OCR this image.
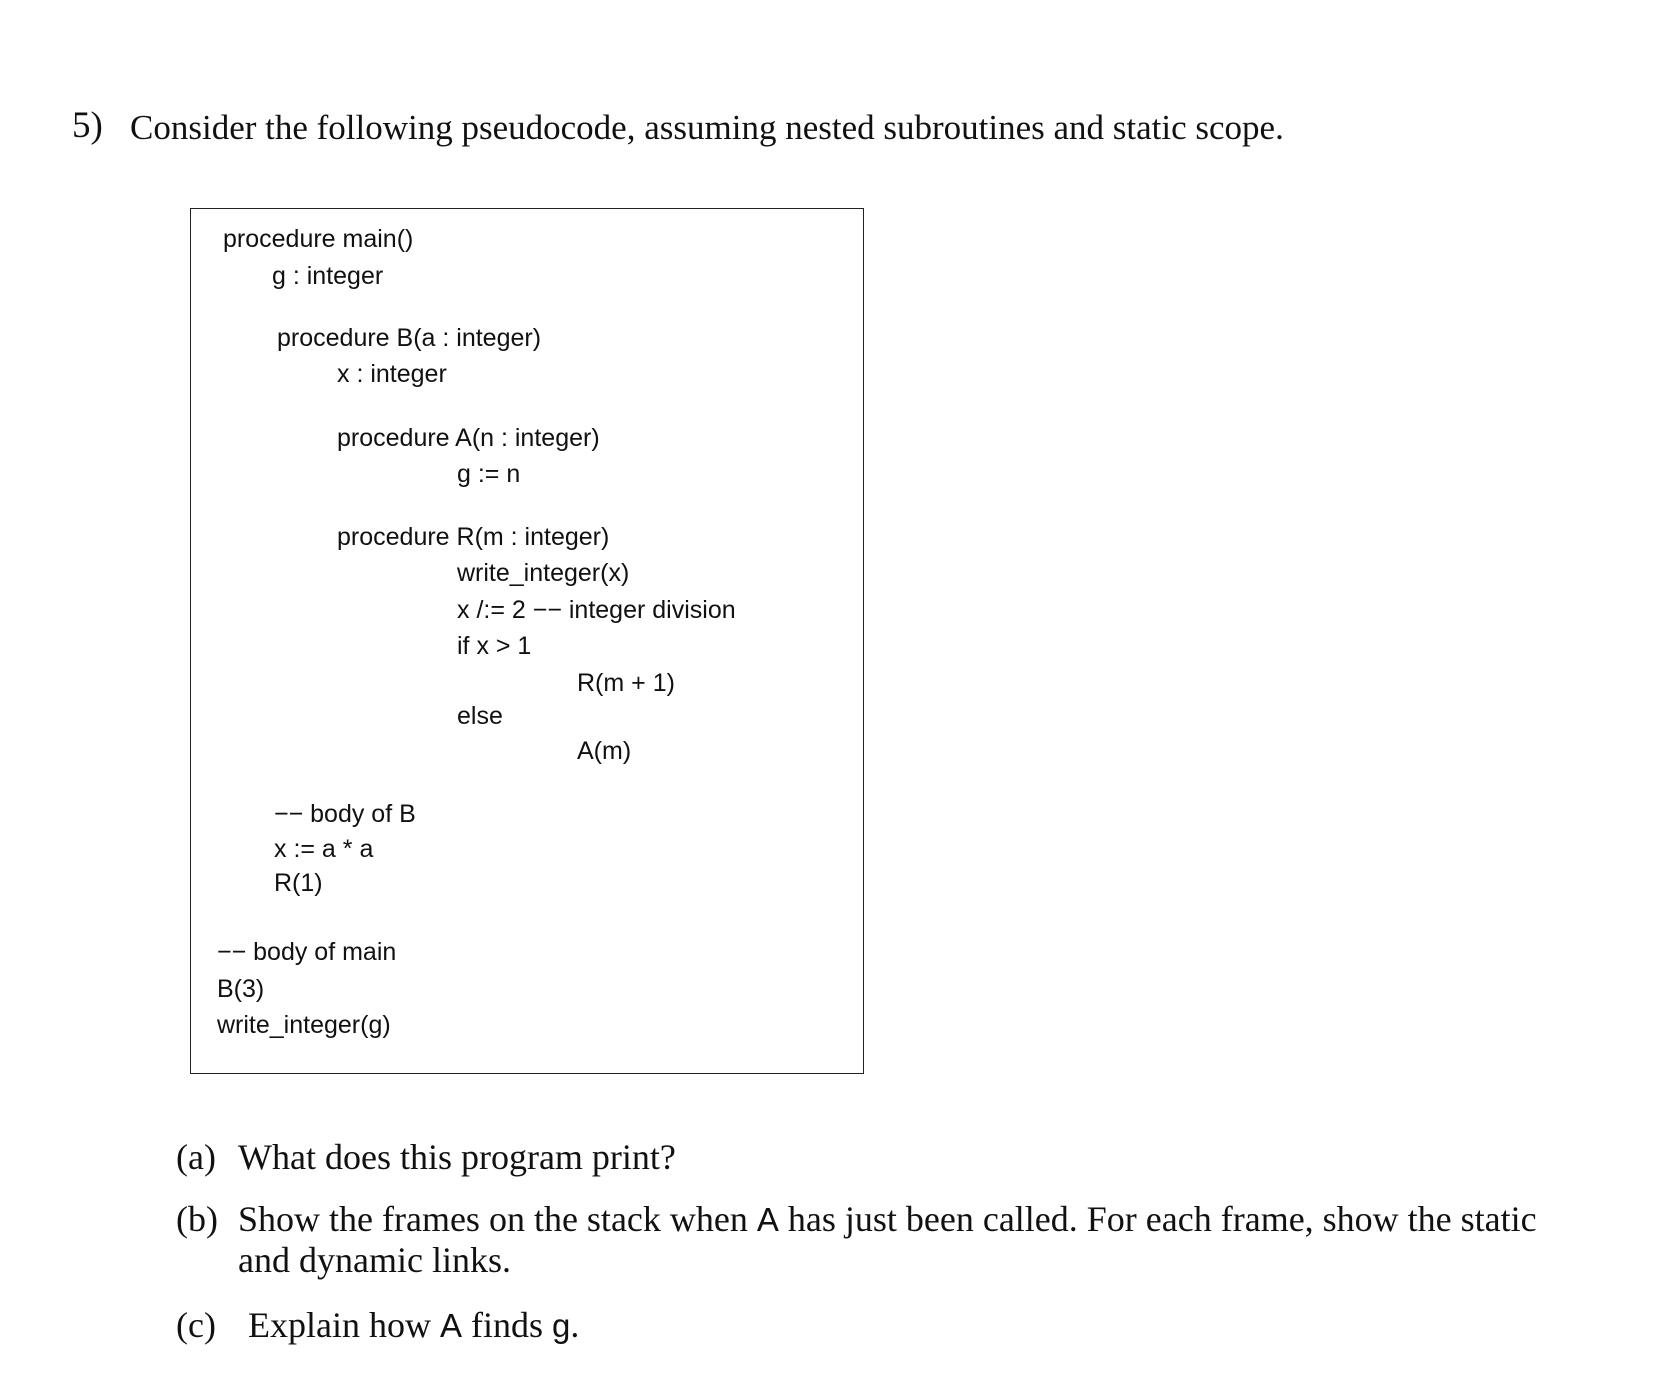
5) Consider the following pseudocode, assuming nested subroutines and static scope.
procedure main()
g : integer
procedure B(a : integer)
x : integer
procedure A(n : integer)
g := n
procedure R(m : integer)
write_integer(x)
x /:= 2 −− integer division
if x > 1
R(m + 1)
else
A(m)
−− body of B
x := a * a
R(1)
−− body of main
B(3)
write_integer(g)

(a) What does this program print?

(b) Show the frames on the stack when A has just been called. For each frame, show the static

and dynamic links.

(c) Explain how A finds g.
